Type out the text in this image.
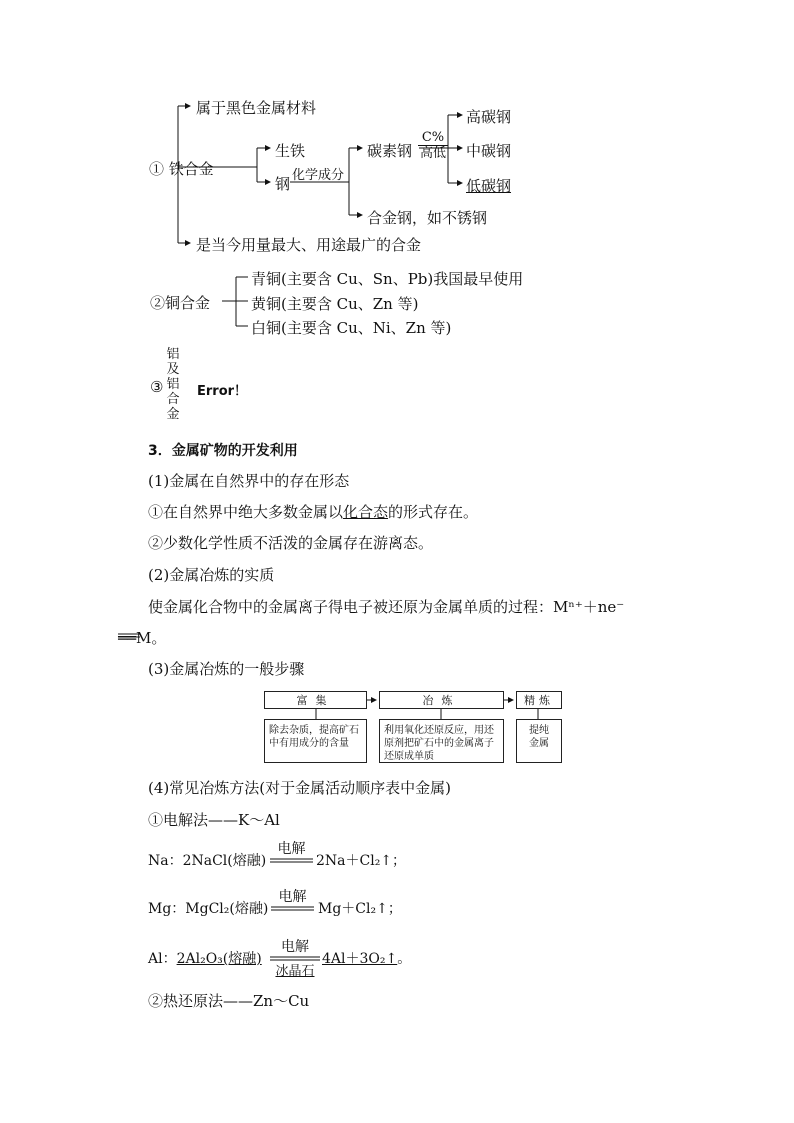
属于黑色金属材料
① 铁合金
生铁
钢 化学成分
碳素钢
C%
高低
高碳钢
中碳钢
低碳钢
合金钢，如不锈钢
是当今用量最大、用途最广的合金
②铜合金
青铜(主要含 Cu、Sn、Pb)我国最早使用
黄铜(主要含 Cu、Zn 等)
白铜(主要含 Cu、Ni、Zn 等)
③
铝
及
铝
合
金
Error！
3．金属矿物的开发利用
(1)金属在自然界中的存在形态
①在自然界中绝大多数金属以化合态的形式存在。
②少数化学性质不活泼的金属存在游离态。
(2)金属冶炼的实质
使金属化合物中的金属离子得电子被还原为金属单质的过程：Mⁿ⁺＋ne⁻
══M。
(3)金属冶炼的一般步骤
富集
除去杂质，提高矿石中有用成分的含量
冶炼
利用氧化还原反应，用还原剂把矿石中的金属离子还原成单质
精炼
提纯金属
(4)常见冶炼方法(对于金属活动顺序表中金属)
①电解法——K～Al
Na：2NaCl(熔融)
电解
2Na＋Cl₂↑；
Mg：MgCl₂(熔融)
电解
Mg＋Cl₂↑；
Al：2Al₂O₃(熔融)
电解
冰晶石
4Al＋3O₂↑。
②热还原法——Zn～Cu
